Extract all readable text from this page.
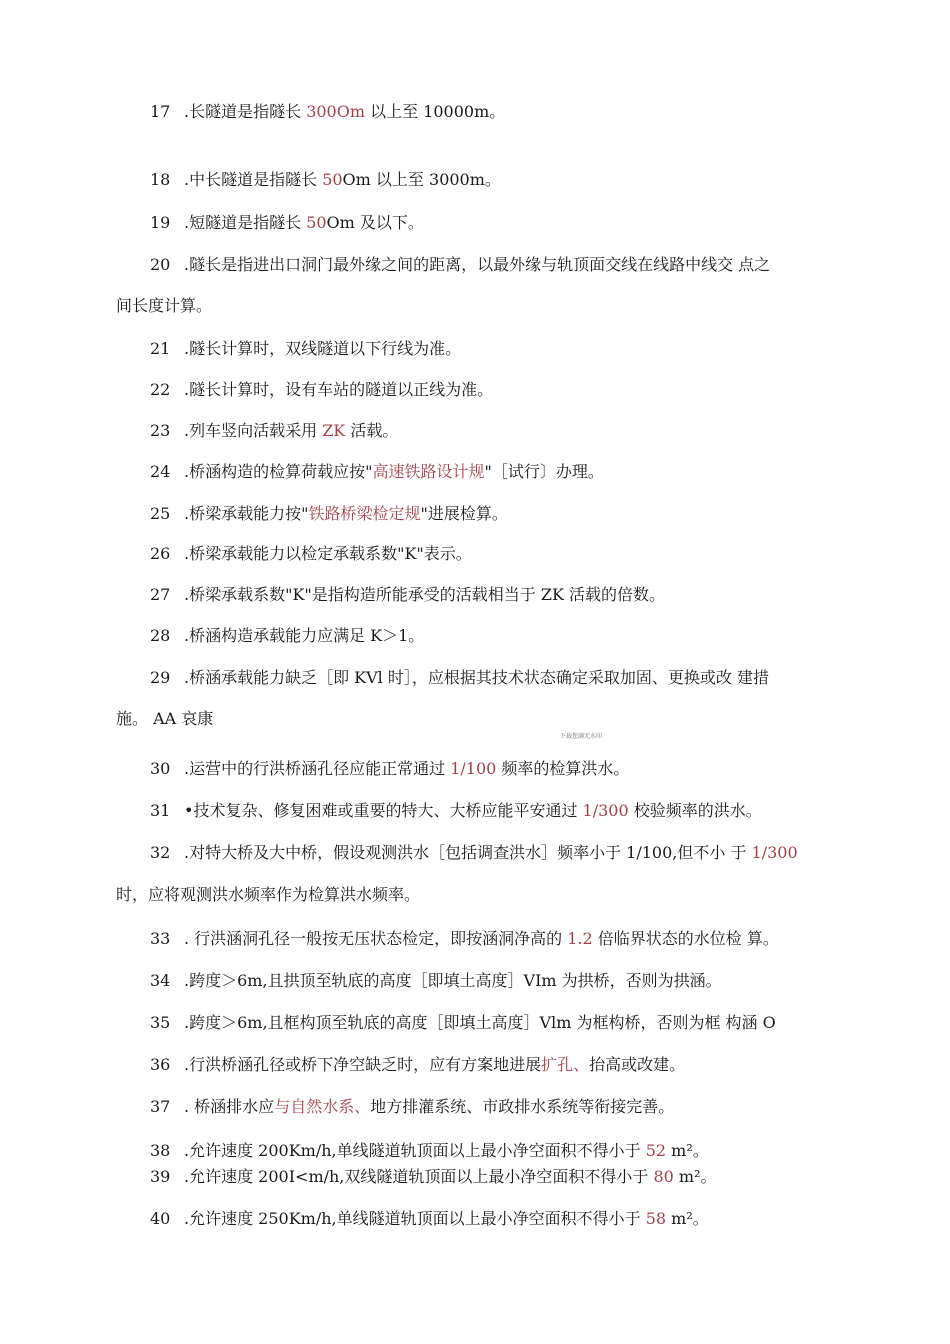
17 .长隧道是指隧长 300Om 以上至 10000m。
18 .中长隧道是指隧长 50Om 以上至 3000m。
19 .短隧道是指隧长 50Om 及以下。
20 .隧长是指进出口洞门最外缘之间的距离，以最外缘与轨顶面交线在线路中线交 点之
间长度计算。
21 .隧长计算时，双线隧道以下行线为准。
22 .隧长计算时，设有车站的隧道以正线为准。
23 .列车竖向活载采用 ZK 活载。
24 .桥涵构造的检算荷载应按"高速铁路设计规"［试行〕办理。
25 .桥梁承载能力按"铁路桥梁检定规"进展检算。
26 .桥梁承载能力以检定承载系数"K"表示。
27 .桥梁承载系数"K"是指构造所能承受的活载相当于 ZK 活载的倍数。
28 .桥涵构造承载能力应满足 K＞1。
29 .桥涵承载能力缺乏［即 KVl 时］，应根据其技术状态确定采取加固、更换或改 建措
施。 AA 哀康
30 .运营中的行洪桥涵孔径应能正常通过 1/100 频率的检算洪水。
31 •技术复杂、修复困难或重要的特大、大桥应能平安通过 1/300 校验频率的洪水。
32 .对特大桥及大中桥，假设观测洪水［包括调查洪水］频率小于 1/100,但不小 于 1/300
时，应将观测洪水频率作为检算洪水频率。
33 . 行洪涵洞孔径一般按无压状态检定，即按涵洞净高的 1.2 倍临界状态的水位检 算。
34 .跨度＞6m,且拱顶至轨底的高度［即填土高度］VIm 为拱桥，否则为拱涵。
35 .跨度＞6m,且框构顶至轨底的高度［即填土高度］Vlm 为框构桥，否则为框 构涵 O
36 .行洪桥涵孔径或桥下净空缺乏时，应有方案地进展扩孔、抬高或改建。
37 . 桥涵排水应与自然水系、地方排灌系统、市政排水系统等衔接完善。
38 .允许速度 200Km/h,单线隧道轨顶面以上最小净空面积不得小于 52 m²。
39 .允许速度 200I<m/h,双线隧道轨顶面以上最小净空面积不得小于 80 m²。
40 .允许速度 250Km/h,单线隧道轨顶面以上最小净空面积不得小于 58 m²。
下载您满无水印
